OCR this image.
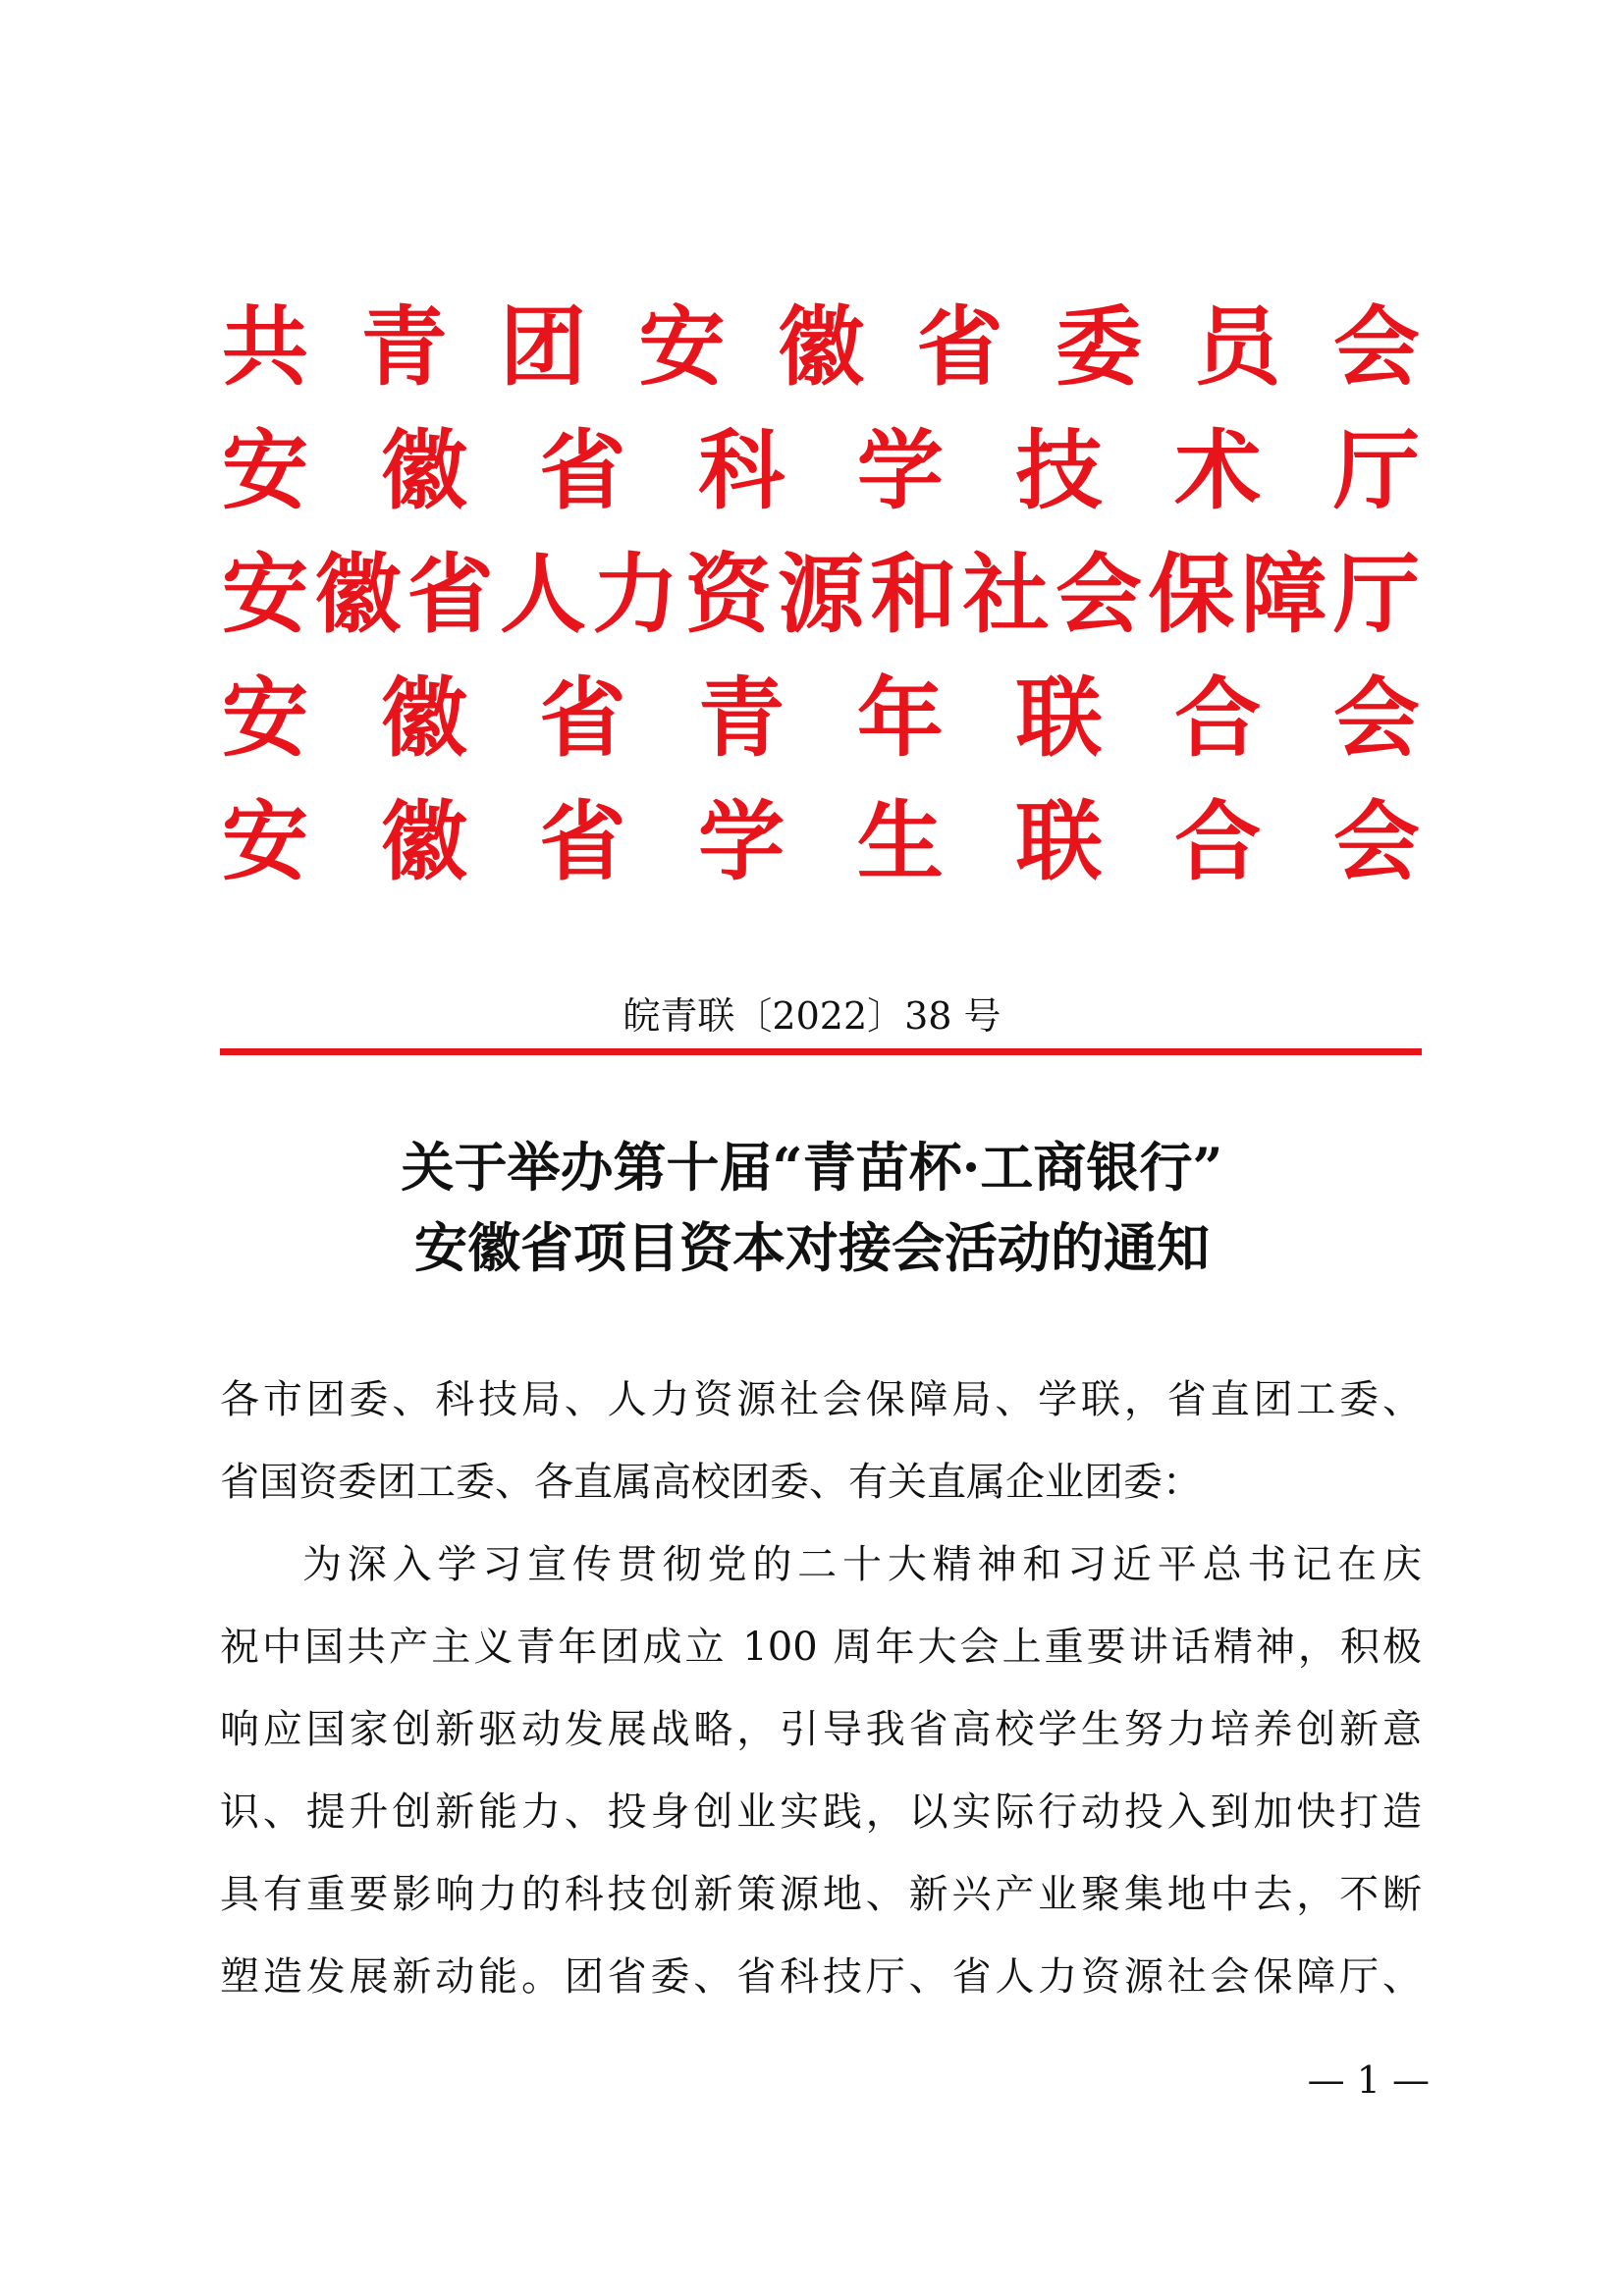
共 青 团 安 徽 省 委 员 会
安 徽 省 科 学 技 术 厅
安徽省人力资源和社会保障厅
安 徽 省 青 年 联 合 会
安 徽 省 学 生 联 合 会
皖青联〔2022〕38 号
关于举办第十届“青苗杯·工商银行”
安徽省项目资本对接会活动的通知
各市团委、科技局、人力资源社会保障局、学联，省直团工委、
省国资委团工委、各直属高校团委、有关直属企业团委：
为深入学习宣传贯彻党的二十大精神和习近平总书记在庆
祝中国共产主义青年团成立 100 周年大会上重要讲话精神，积极
响应国家创新驱动发展战略，引导我省高校学生努力培养创新意
识、提升创新能力、投身创业实践，以实际行动投入到加快打造
具有重要影响力的科技创新策源地、新兴产业聚集地中去，不断
塑造发展新动能。团省委、省科技厅、省人力资源社会保障厅、
— 1 —
